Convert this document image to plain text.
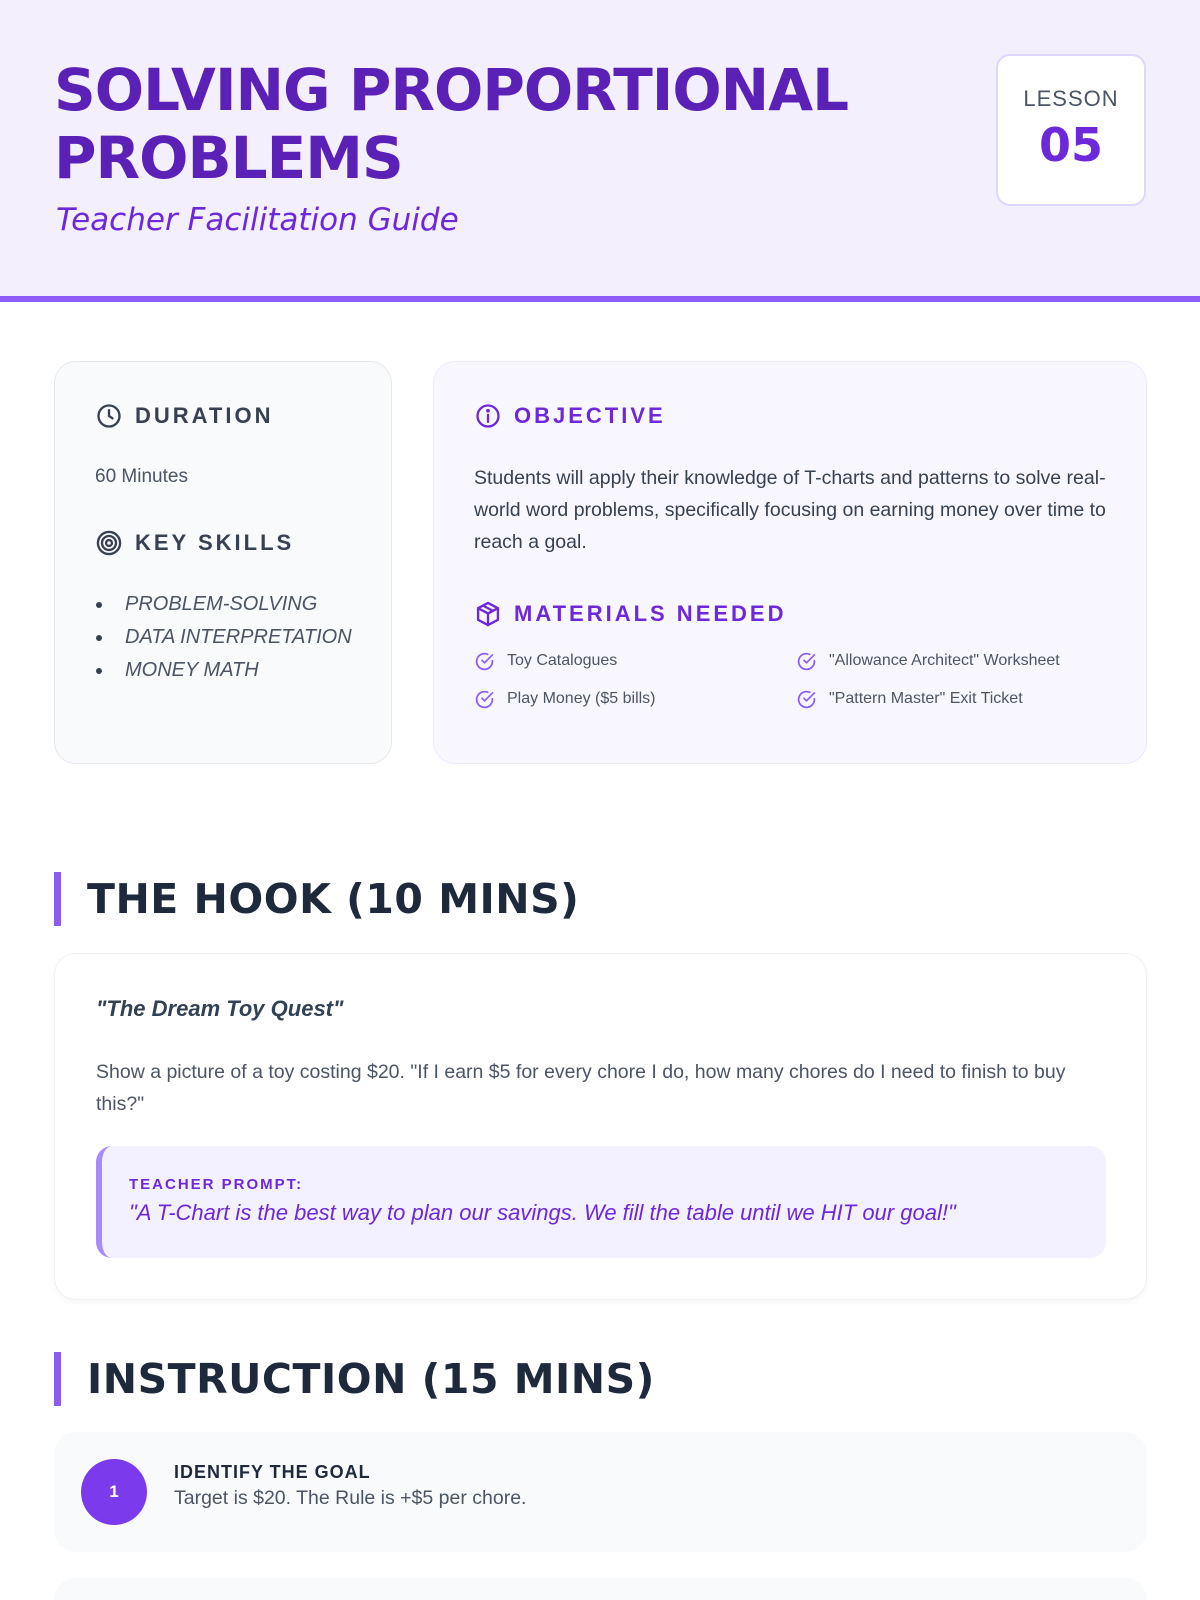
SOLVING PROPORTIONAL PROBLEMS
Teacher Facilitation Guide
LESSON
05
DURATION
60 Minutes
KEY SKILLS
PROBLEM-SOLVING
DATA INTERPRETATION
MONEY MATH
OBJECTIVE
Students will apply their knowledge of T-charts and patterns to solve real-world word problems, specifically focusing on earning money over time to reach a goal.
MATERIALS NEEDED
Toy Catalogues	"Allowance Architect" Worksheet
Play Money ($5 bills)	"Pattern Master" Exit Ticket
THE HOOK (10 MINS)
"The Dream Toy Quest"
Show a picture of a toy costing $20. "If I earn $5 for every chore I do, how many chores do I need to finish to buy this?"
TEACHER PROMPT:
"A T-Chart is the best way to plan our savings. We fill the table until we HIT our goal!"
INSTRUCTION (15 MINS)
1
IDENTIFY THE GOAL
Target is $20. The Rule is +$5 per chore.
